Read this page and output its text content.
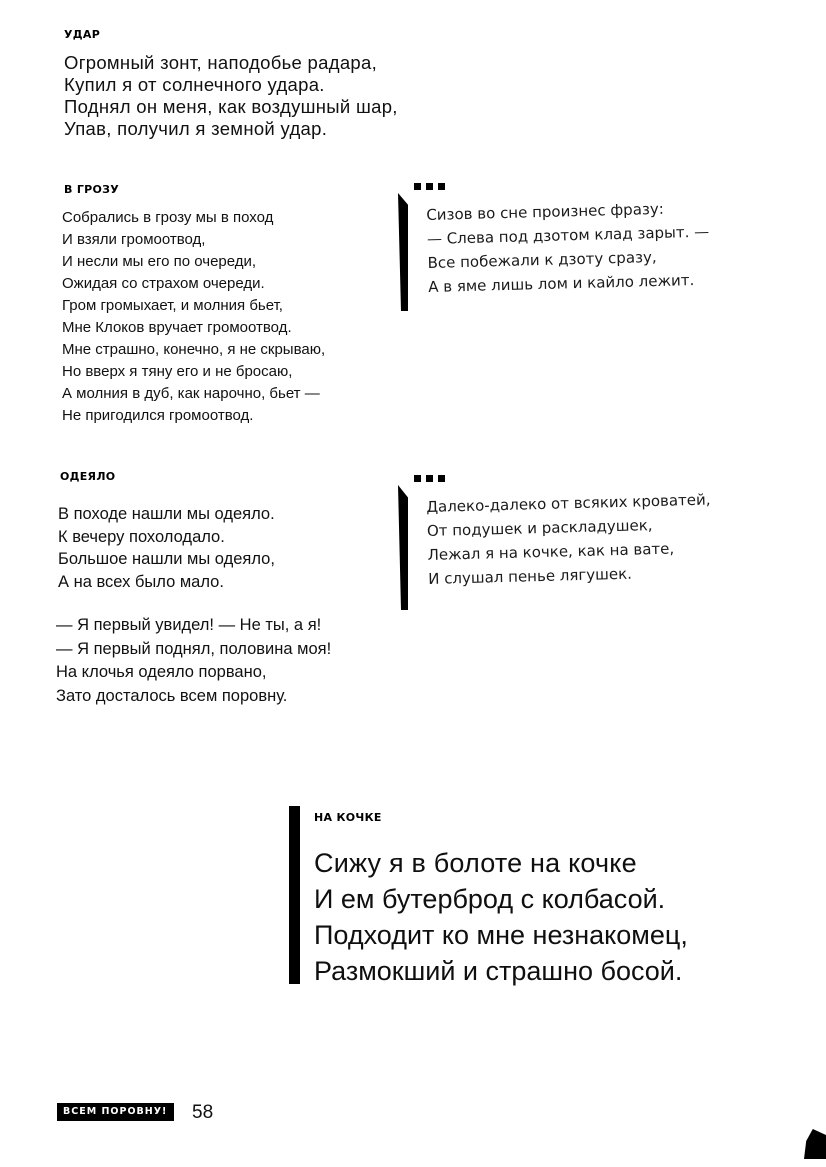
УДАР
Огромный зонт, наподобье радара,
Купил я от солнечного удара.
Поднял он меня, как воздушный шар,
Упав, получил я земной удар.
В ГРОЗУ
Собрались в грозу мы в поход
И взяли громоотвод,
И несли мы его по очереди,
Ожидая со страхом очереди.
Гром громыхает, и молния бьет,
Мне Клоков вручает громоотвод.
Мне страшно, конечно, я не скрываю,
Но вверх я тяну его и не бросаю,
А молния в дуб, как нарочно, бьет —
Не пригодился громоотвод.
Сизов во сне произнес фразу:
— Слева под дзотом клад зарыт. —
Все побежали к дзоту сразу,
А в яме лишь лом и кайло лежит.
ОДЕЯЛО
В походе нашли мы одеяло.
К вечеру похолодало.
Большое нашли мы одеяло,
А на всех было мало.
— Я первый увидел! — Не ты, а я!
— Я первый поднял, половина моя!
На клочья одеяло порвано,
Зато досталось всем поровну.
Далеко-далеко от всяких кроватей,
От подушек и раскладушек,
Лежал я на кочке, как на вате,
И слушал пенье лягушек.
НА КОЧКЕ
Сижу я в болоте на кочке
И ем бутерброд с колбасой.
Подходит ко мне незнакомец,
Размокший и страшно босой.
ВСЕМ ПОРОВНУ!	58
